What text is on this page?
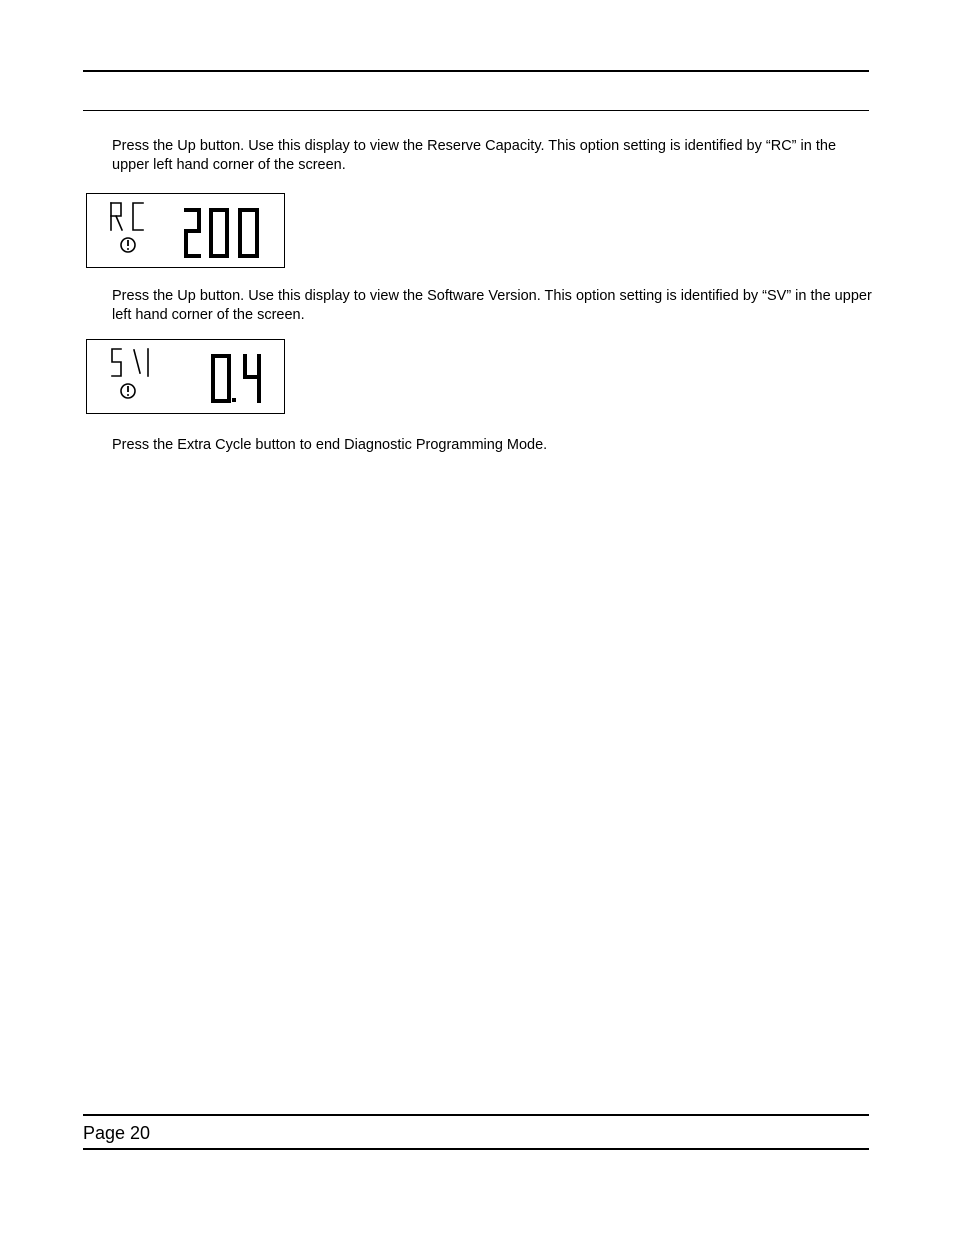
Press the Up button. Use this display to view the Reserve Capacity. This option setting is identified by “RC” in the upper left hand corner of the screen.
Press the Up button. Use this display to view the Software Version. This option setting is identified by “SV” in the upper left hand corner of the screen.
Press the Extra Cycle button to end Diagnostic Programming Mode.
Page 20
